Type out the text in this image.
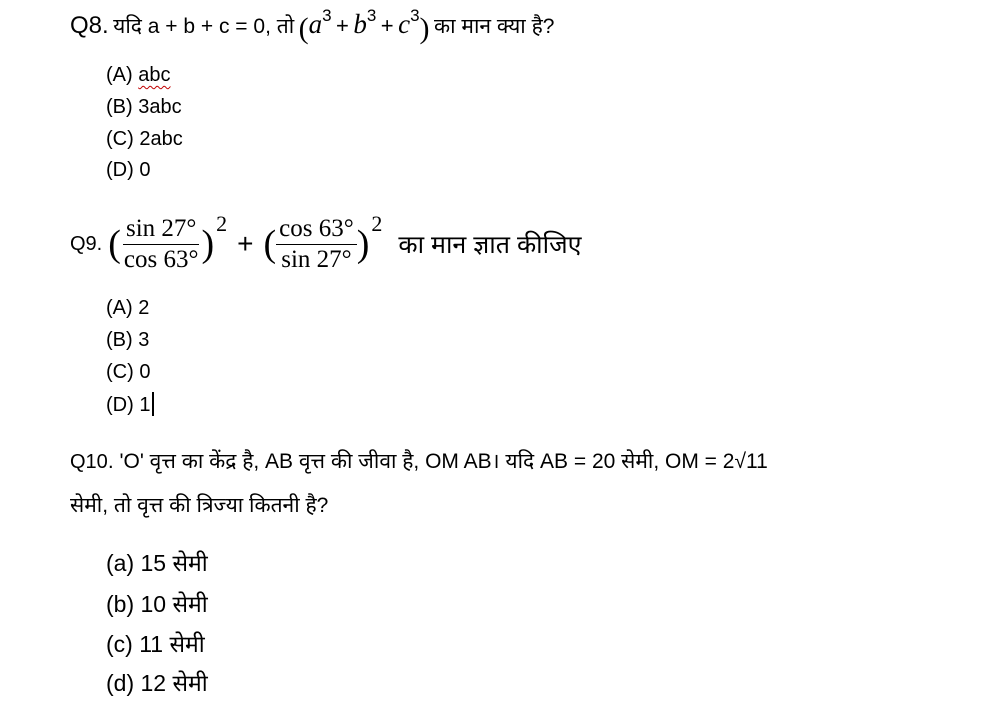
Q8. यदि a + b + c = 0, तो (a3 + b3 + c3) का मान क्या है?
(A) abc
(B) 3abc
(C) 2abc
(D) 0
Q9. ( $\frac{\sin 27^\circ}{\cos 63^\circ}$ ) 2
+ ( $\frac{\cos 63^\circ}{\sin 27^\circ}$ ) 2
का मान ज्ञात कीजिए
(A) 2
(B) 3
(C) 0
(D) 1
Q10. 'O' वृत्त का केंद्र है, AB वृत्त की जीवा है, OM AB। यदि AB = 20 सेमी, OM = 2√11
सेमी, तो वृत्त की त्रिज्या कितनी है?
(a) 15 सेमी
(b) 10 सेमी
(c) 11 सेमी
(d) 12 सेमी
